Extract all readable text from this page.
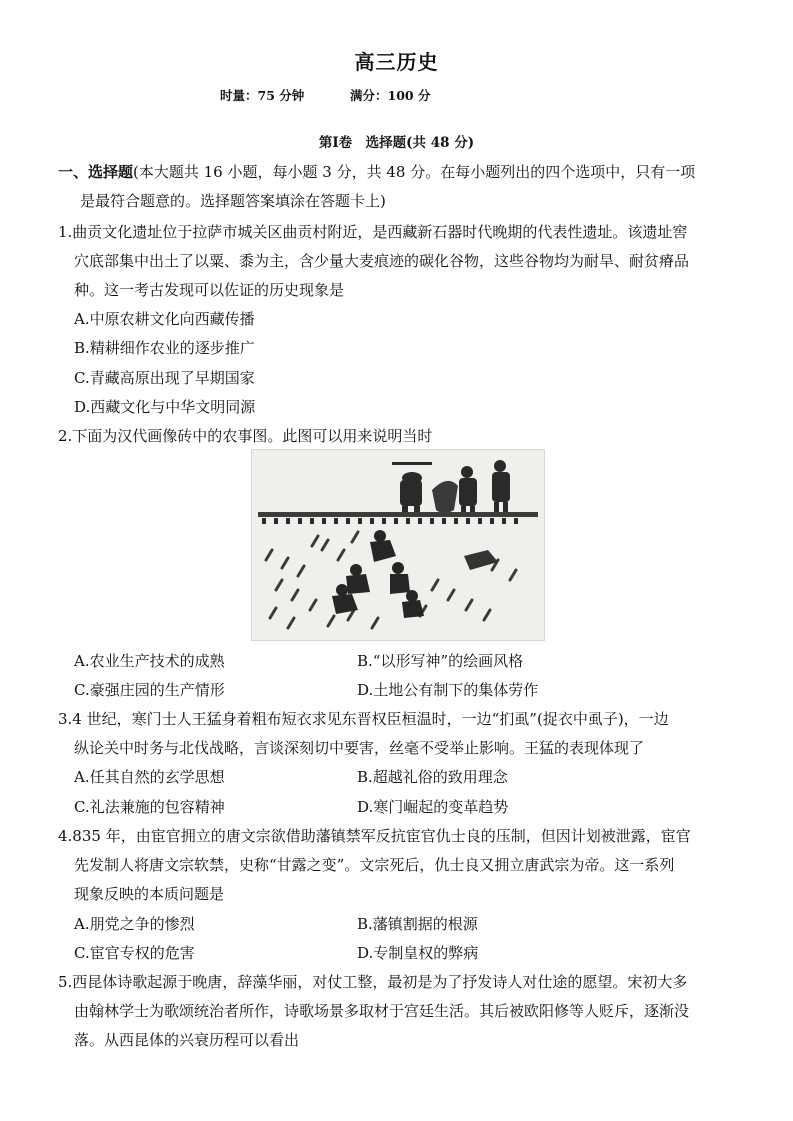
高三历史
时量：75 分钟	满分：100 分
第Ⅰ卷　选择题(共 48 分)
一、选择题(本大题共 16 小题，每小题 3 分，共 48 分。在每小题列出的四个选项中，只有一项
是最符合题意的。选择题答案填涂在答题卡上)
1.曲贡文化遗址位于拉萨市城关区曲贡村附近，是西藏新石器时代晚期的代表性遗址。该遗址窖
穴底部集中出土了以粟、黍为主，含少量大麦痕迹的碳化谷物，这些谷物均为耐旱、耐贫瘠品
种。这一考古发现可以佐证的历史现象是
A.中原农耕文化向西藏传播
B.精耕细作农业的逐步推广
C.青藏高原出现了早期国家
D.西藏文化与中华文明同源
2.下面为汉代画像砖中的农事图。此图可以用来说明当时
A.农业生产技术的成熟	B.“以形写神”的绘画风格
C.豪强庄园的生产情形	D.土地公有制下的集体劳作
3.4 世纪，寒门士人王猛身着粗布短衣求见东晋权臣桓温时，一边“扪虱”(捉衣中虱子)，一边
纵论关中时务与北伐战略，言谈深刻切中要害，丝毫不受举止影响。王猛的表现体现了
A.任其自然的玄学思想	B.超越礼俗的致用理念
C.礼法兼施的包容精神	D.寒门崛起的变革趋势
4.835 年，由宦官拥立的唐文宗欲借助藩镇禁军反抗宦官仇士良的压制，但因计划被泄露，宦官
先发制人将唐文宗软禁，史称“甘露之变”。文宗死后，仇士良又拥立唐武宗为帝。这一系列
现象反映的本质问题是
A.朋党之争的惨烈	B.藩镇割据的根源
C.宦官专权的危害	D.专制皇权的弊病
5.西昆体诗歌起源于晚唐，辞藻华丽，对仗工整，最初是为了抒发诗人对仕途的愿望。宋初大多
由翰林学士为歌颂统治者所作，诗歌场景多取材于宫廷生活。其后被欧阳修等人贬斥，逐渐没
落。从西昆体的兴衰历程可以看出
